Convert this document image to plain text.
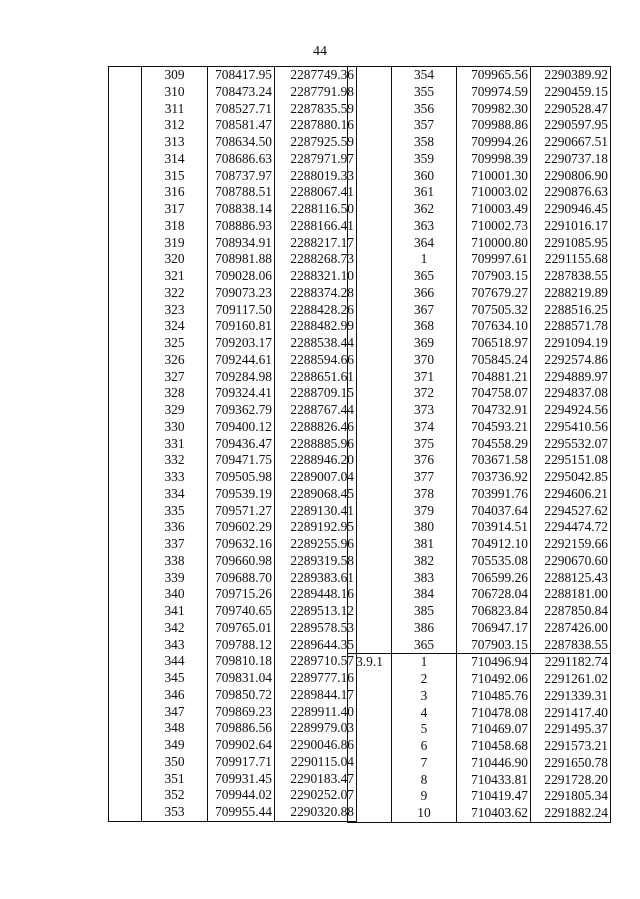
44
	309	708417.95	2287749.36
	310	708473.24	2287791.98
	311	708527.71	2287835.59
	312	708581.47	2287880.16
	313	708634.50	2287925.59
	314	708686.63	2287971.97
	315	708737.97	2288019.33
	316	708788.51	2288067.41
	317	708838.14	2288116.50
	318	708886.93	2288166.41
	319	708934.91	2288217.17
	320	708981.88	2288268.73
	321	709028.06	2288321.10
	322	709073.23	2288374.28
	323	709117.50	2288428.26
	324	709160.81	2288482.99
	325	709203.17	2288538.44
	326	709244.61	2288594.66
	327	709284.98	2288651.61
	328	709324.41	2288709.15
	329	709362.79	2288767.44
	330	709400.12	2288826.46
	331	709436.47	2288885.96
	332	709471.75	2288946.20
	333	709505.98	2289007.04
	334	709539.19	2289068.45
	335	709571.27	2289130.41
	336	709602.29	2289192.95
	337	709632.16	2289255.96
	338	709660.98	2289319.58
	339	709688.70	2289383.61
	340	709715.26	2289448.16
	341	709740.65	2289513.12
	342	709765.01	2289578.53
	343	709788.12	2289644.35
	344	709810.18	2289710.57
	345	709831.04	2289777.16
	346	709850.72	2289844.17
	347	709869.23	2289911.40
	348	709886.56	2289979.03
	349	709902.64	2290046.86
	350	709917.71	2290115.04
	351	709931.45	2290183.47
	352	709944.02	2290252.07
	353	709955.44	2290320.88
	354	709965.56	2290389.92
	355	709974.59	2290459.15
	356	709982.30	2290528.47
	357	709988.86	2290597.95
	358	709994.26	2290667.51
	359	709998.39	2290737.18
	360	710001.30	2290806.90
	361	710003.02	2290876.63
	362	710003.49	2290946.45
	363	710002.73	2291016.17
	364	710000.80	2291085.95
	1	709997.61	2291155.68
	365	707903.15	2287838.55
	366	707679.27	2288219.89
	367	707505.32	2288516.25
	368	707634.10	2288571.78
	369	706518.97	2291094.19
	370	705845.24	2292574.86
	371	704881.21	2294889.97
	372	704758.07	2294837.08
	373	704732.91	2294924.56
	374	704593.21	2295410.56
	375	704558.29	2295532.07
	376	703671.58	2295151.08
	377	703736.92	2295042.85
	378	703991.76	2294606.21
	379	704037.64	2294527.62
	380	703914.51	2294474.72
	381	704912.10	2292159.66
	382	705535.08	2290670.60
	383	706599.26	2288125.43
	384	706728.04	2288181.00
	385	706823.84	2287850.84
	386	706947.17	2287426.00
	365	707903.15	2287838.55
3.9.1	1	710496.94	2291182.74
	2	710492.06	2291261.02
	3	710485.76	2291339.31
	4	710478.08	2291417.40
	5	710469.07	2291495.37
	6	710458.68	2291573.21
	7	710446.90	2291650.78
	8	710433.81	2291728.20
	9	710419.47	2291805.34
	10	710403.62	2291882.24
